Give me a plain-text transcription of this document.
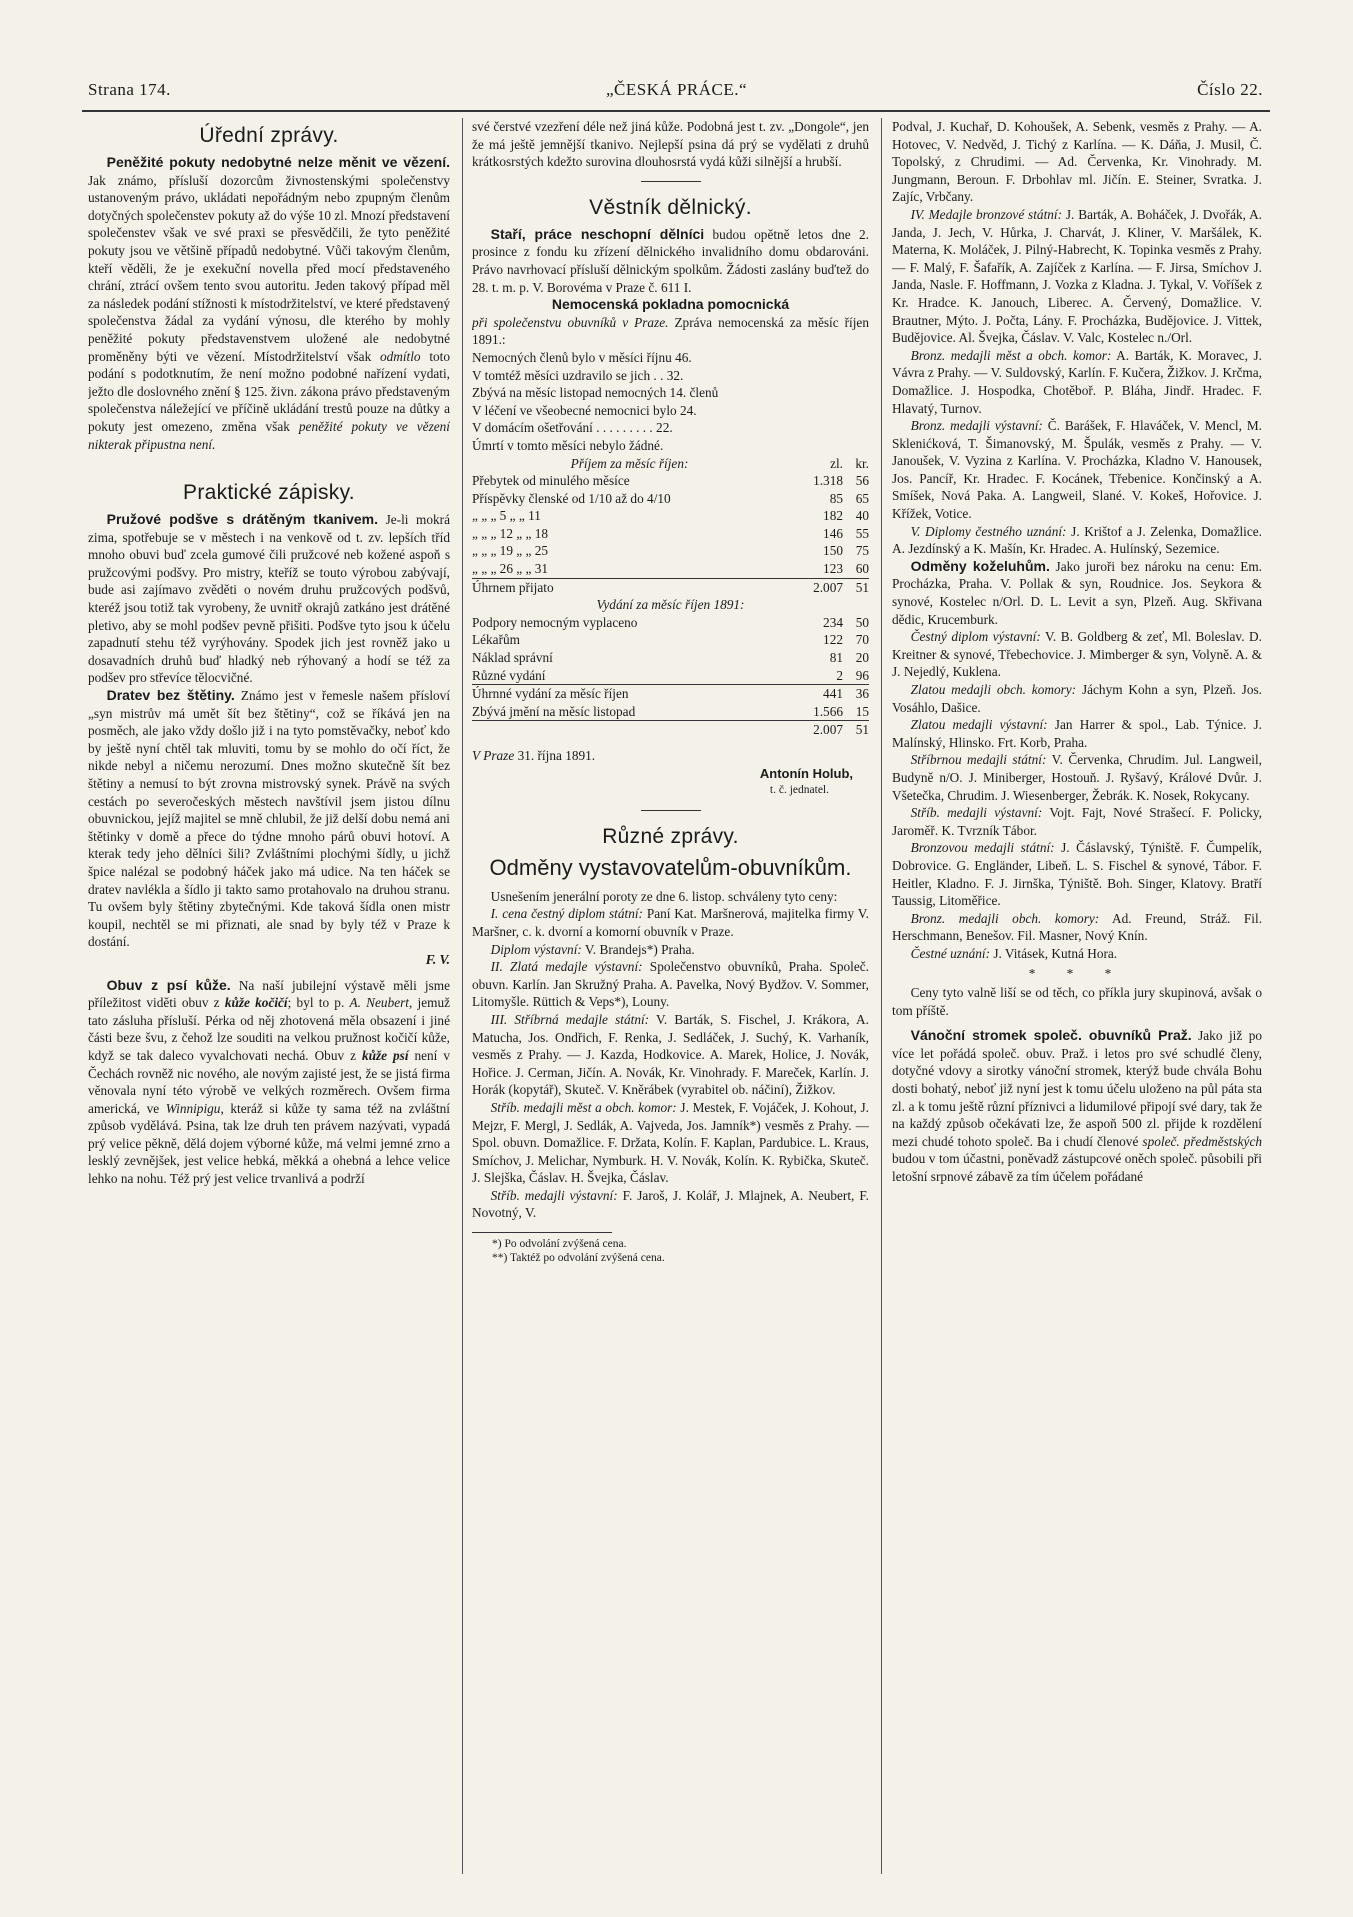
Strana 174.	„ČESKÁ PRÁCE.“	Číslo 22.
Úřední zprávy.

Peněžité pokuty nedobytné nelze měnit ve vězení. Jak známo, přísluší dozorcům živnostenskými společenstvy ustanoveným právo, ukládati nepořádným nebo zpupným členům dotyčných společenstev pokuty až do výše 10 zl. Mnozí představení společenstev však ve své praxi se přesvědčili, že tyto peněžité pokuty jsou ve většině případů nedobytné. Vůči takovým členům, kteří věděli, že je exekuční novella před mocí představeného chrání, ztrácí ovšem tento svou autoritu. Jeden takový případ měl za následek podání stížnosti k místodržitelství, ve které představený společenstva žádal za vydání výnosu, dle kterého by mohly peněžité pokuty představenstvem uložené ale nedobytné proměněny býti ve vězení. Místodržitelství však odmítlo toto podání s podotknutím, že není možno podobné nařízení vydati, ježto dle doslovného znění § 125. živn. zákona právo představeným společenstva náležející ve příčině ukládání trestů pouze na důtky a pokuty jest omezeno, změna však peněžité pokuty ve vězení nikterak připustna není.

Praktické zápisky.

Pružové podšve s drátěným tkanivem. Je-li mokrá zima, spotřebuje se v městech i na venkově od t. zv. lepších tříd mnoho obuvi buď zcela gumové čili pružcové neb kožené aspoň s pružcovými podšvy. Pro mistry, kteříž se touto výrobou zabývají, bude asi zajímavo zvěděti o novém druhu pružcových podšvů, kteréž jsou totiž tak vyrobeny, že uvnitř okrajů zatkáno jest drátěné pletivo, aby se mohl podšev pevně přišiti. Podšve tyto jsou k účelu zapadnutí stehu též vyrýhovány. Spodek jich jest rovněž jako u dosavadních druhů buď hladký neb rýhovaný a hodí se též za podšev pro střevíce tělocvičné.

Dratev bez štětiny. Známo jest v řemesle našem přísloví „syn mistrův má umět šít bez štětiny“, což se říkává jen na posměch, ale jako vždy došlo již i na tyto pomstěvačky, neboť kdo by ještě nyní chtěl tak mluviti, tomu by se mohlo do očí říct, že nikde nebyl a ničemu nerozumí. Dnes možno skutečně šít bez štětiny a nemusí to být zrovna mistrovský synek. Právě na svých cestách po severočeských městech navštívil jsem jistou dílnu obuvnickou, jejíž majitel se mně chlubil, že již delší dobu nemá ani štětinky v domě a přece do týdne mnoho párů obuvi hotoví. A kterak tedy jeho dělníci šili? Zvláštními plochými šídly, u jichž špice nalézal se podobný háček jako má udice. Na ten háček se dratev navlékla a šídlo ji takto samo protahovalo na druhou stranu. Tu ovšem byly štětiny zbytečnými. Kde taková šídla onen mistr koupil, nechtěl se mi přiznati, ale snad by byly též v Praze k dostání.

F. V.

Obuv z psí kůže. Na naší jubilejní výstavě měli jsme příležitost viděti obuv z kůže kočičí; byl to p. A. Neubert, jemuž tato zásluha přísluší. Pérka od něj zhotovená měla obsazení i jiné části beze švu, z čehož lze souditi na velkou pružnost kočičí kůže, když se tak daleco vyvalchovati nechá. Obuv z kůže psí není v Čechách rovněž nic nového, ale novým zajisté jest, že se jistá firma věnovala nyní této výrobě ve velkých rozměrech. Ovšem firma americká, ve Winnipigu, kteráž si kůže ty sama též na zvláštní způsob vydělává. Psina, tak lze druh ten právem nazývati, vypadá prý velice pěkně, dělá dojem výborné kůže, má velmi jemné zrno a lesklý zevnějšek, jest velice hebká, měkká a ohebná a lehce velice lehko na nohu. Též prý jest velice trvanlivá a podrží

své čerstvé vzezření déle než jiná kůže. Podobná jest t. zv. „Dongole“, jen že má ještě jemnější tkanivo. Nejlepší psina dá prý se vydělati z druhů krátkosrstých kdežto surovina dlouhosrstá vydá kůži silnější a hrubší.

Věstník dělnický.

Staří, práce neschopní dělníci budou opětně letos dne 2. prosince z fondu ku zřízení dělnického invalidního domu obdarováni. Právo navrhovací přísluší dělnickým spolkům. Žádosti zaslány buďtež do 28. t. m. p. V. Borovéma v Praze č. 611 I.

Nemocenská pokladna pomocnická

při společenstvu obuvníků v Praze. Zpráva nemocenská za měsíc říjen 1891.:

Nemocných členů bylo v měsíci říjnu 46.

V tomtéž měsíci uzdravilo se jich . . 32.

Zbývá na měsíc listopad nemocných 14. členů

V léčení ve všeobecné nemocnici bylo 24.

V domácím ošetřování . . . . . . . . . 22.

Úmrtí v tomto měsíci nebylo žádné.

Příjem za měsíc říjen:	zl.	kr.
Přebytek od minulého měsíce	1.318	56
Příspěvky členské od 1/10 až do 4/10	85	65
„ „ „ 5 „ „ 11	182	40
„ „ „ 12 „ „ 18	146	55
„ „ „ 19 „ „ 25	150	75
„ „ „ 26 „ „ 31	123	60
Úhrnem přijato	2.007	51
Vydání za měsíc říjen 1891:		
Podpory nemocným vyplaceno	234	50
Lékařům	122	70
Náklad správní	81	20
Různé vydání	2	96
Úhrnné vydání za měsíc říjen	441	36
Zbývá jmění na měsíc listopad	1.566	15
	2.007	51

V Praze 31. října 1891.

Antonín Holub,

t. č. jednatel.

Různé zprávy.
Odměny vystavovatelům-obuvníkům.

Usnešením jenerální poroty ze dne 6. listop. schváleny tyto ceny:

I. cena čestný diplom státní: Paní Kat. Maršnerová, majitelka firmy V. Maršner, c. k. dvorní a komorní obuvník v Praze.

Diplom výstavní: V. Brandejs*) Praha.

II. Zlatá medajle výstavní: Společenstvo obuvníků, Praha. Společ. obuvn. Karlín. Jan Skružný Praha. A. Pavelka, Nový Bydžov. V. Sommer, Litomyšle. Rüttich & Veps*), Louny.

III. Stříbrná medajle státní: V. Barták, S. Fischel, J. Krákora, A. Matucha, Jos. Ondřich, F. Renka, J. Sedláček, J. Suchý, K. Varhaník, vesměs z Prahy. — J. Kazda, Hodkovice. A. Marek, Holice, J. Novák, Hořice. J. Cerman, Jičín. A. Novák, Kr. Vinohrady. F. Mareček, Karlín. J. Horák (kopytář), Skuteč. V. Kněrábek (vyrabitel ob. náčiní), Žižkov.

Stříb. medajli měst a obch. komor: J. Mestek, F. Vojáček, J. Kohout, J. Mejzr, F. Mergl, J. Sedlák, A. Vajveda, Jos. Jamník*) vesměs z Prahy. — Spol. obuvn. Domažlice. F. Držata, Kolín. F. Kaplan, Pardubice. L. Kraus, Smíchov, J. Melichar, Nymburk. H. V. Novák, Kolín. K. Rybička, Skuteč. J. Slejška, Čáslav. H. Švejka, Čáslav.

Stříb. medajli výstavní: F. Jaroš, J. Kolář, J. Mlajnek, A. Neubert, F. Novotný, V.

*) Po odvolání zvýšená cena.

**) Taktéž po odvolání zvýšená cena.

Podval, J. Kuchař, D. Kohoušek, A. Sebenk, vesměs z Prahy. — A. Hotovec, V. Nedvěd, J. Tichý z Karlína. — K. Dáňa, J. Musil, Č. Topolský, z Chrudimi. — Ad. Červenka, Kr. Vinohrady. M. Jungmann, Beroun. F. Drbohlav ml. Jičín. E. Steiner, Svratka. J. Zajíc, Vrbčany.

IV. Medajle bronzové státní: J. Barták, A. Boháček, J. Dvořák, A. Janda, J. Jech, V. Hůrka, J. Charvát, J. Kliner, V. Maršálek, K. Materna, K. Moláček, J. Pilný-Habrecht, K. Topinka vesměs z Prahy. — F. Malý, F. Šafařík, A. Zajíček z Karlína. — F. Jirsa, Smíchov J. Janda, Nasle. F. Hoffmann, J. Vozka z Kladna. J. Tykal, V. Voříšek z Kr. Hradce. K. Janouch, Liberec. A. Červený, Domažlice. V. Brautner, Mýto. J. Počta, Lány. F. Procházka, Budějovice. J. Vittek, Budějovice. Al. Švejka, Čáslav. V. Valc, Kostelec n./Orl.

Bronz. medajli měst a obch. komor: A. Barták, K. Moravec, J. Vávra z Prahy. — V. Suldovský, Karlín. F. Kučera, Žižkov. J. Krčma, Domažlice. J. Hospodka, Chotěboř. P. Bláha, Jindř. Hradec. F. Hlavatý, Turnov.

Bronz. medajli výstavní: Č. Barášek, F. Hlaváček, V. Mencl, M. Sklenićková, T. Šimanovský, M. Špulák, vesměs z Prahy. — V. Janoušek, V. Vyzina z Karlína. V. Procházka, Kladno V. Hanousek, Jos. Pancíř, Kr. Hradec. F. Kocánek, Třebenice. Končinský a A. Smíšek, Nová Paka. A. Langweil, Slané. V. Kokeš, Hořovice. J. Křížek, Votice.

V. Diplomy čestného uznání: J. Krištof a J. Zelenka, Domažlice. A. Jezdínský a K. Mašín, Kr. Hradec. A. Hulínský, Sezemice.

Odměny koželuhům. Jako juroři bez nároku na cenu: Em. Procházka, Praha. V. Pollak & syn, Roudnice. Jos. Seykora & synové, Kostelec n/Orl. D. L. Levit a syn, Plzeň. Aug. Skřivana dědic, Krucemburk.

Čestný diplom výstavní: V. B. Goldberg & zeť, Ml. Boleslav. D. Kreitner & synové, Třebechovice. J. Mimberger & syn, Volyně. A. & J. Nejedlý, Kuklena.

Zlatou medajli obch. komory: Jáchym Kohn a syn, Plzeň. Jos. Vosáhlo, Dašice.

Zlatou medajli výstavní: Jan Harrer & spol., Lab. Týnice. J. Malínský, Hlinsko. Frt. Korb, Praha.

Stříbrnou medajli státní: V. Červenka, Chrudim. Jul. Langweil, Budyně n/O. J. Miniberger, Hostouň. J. Ryšavý, Králové Dvůr. J. Všetečka, Chrudim. J. Wiesenberger, Žebrák. K. Nosek, Rokycany.

Stříb. medajli výstavní: Vojt. Fajt, Nové Strašecí. F. Policky, Jaroměř. K. Tvrzník Tábor.

Bronzovou medajli státní: J. Čáslavský, Týniště. F. Čumpelík, Dobrovice. G. Engländer, Libeň. L. S. Fischel & synové, Tábor. F. Heitler, Kladno. F. J. Jirnška, Týniště. Boh. Singer, Klatovy. Bratří Taussig, Litoměřice.

Bronz. medajli obch. komory: Ad. Freund, Stráž. Fil. Herschmann, Benešov. Fil. Masner, Nový Knín.

Čestné uznání: J. Vitásek, Kutná Hora.

* * *

Ceny tyto valně liší se od těch, co příkla jury skupinová, avšak o tom příště.

Vánoční stromek společ. obuvníků Praž. Jako již po více let pořádá společ. obuv. Praž. i letos pro své schudlé členy, dotyčné vdovy a sirotky vánoční stromek, kterýž bude chvála Bohu dosti bohatý, neboť již nyní jest k tomu účelu uloženo na půl páta sta zl. a k tomu ještě různí příznivci a lidumilové připojí své dary, tak že na každý způsob očekávati lze, že aspoň 500 zl. přijde k rozdělení mezi chudé tohoto společ. Ba i chudí členové společ. předměstských budou v tom účastni, poněvadž zástupcové oněch společ. působili při letošní srpnové zábavě za tím účelem pořádané
